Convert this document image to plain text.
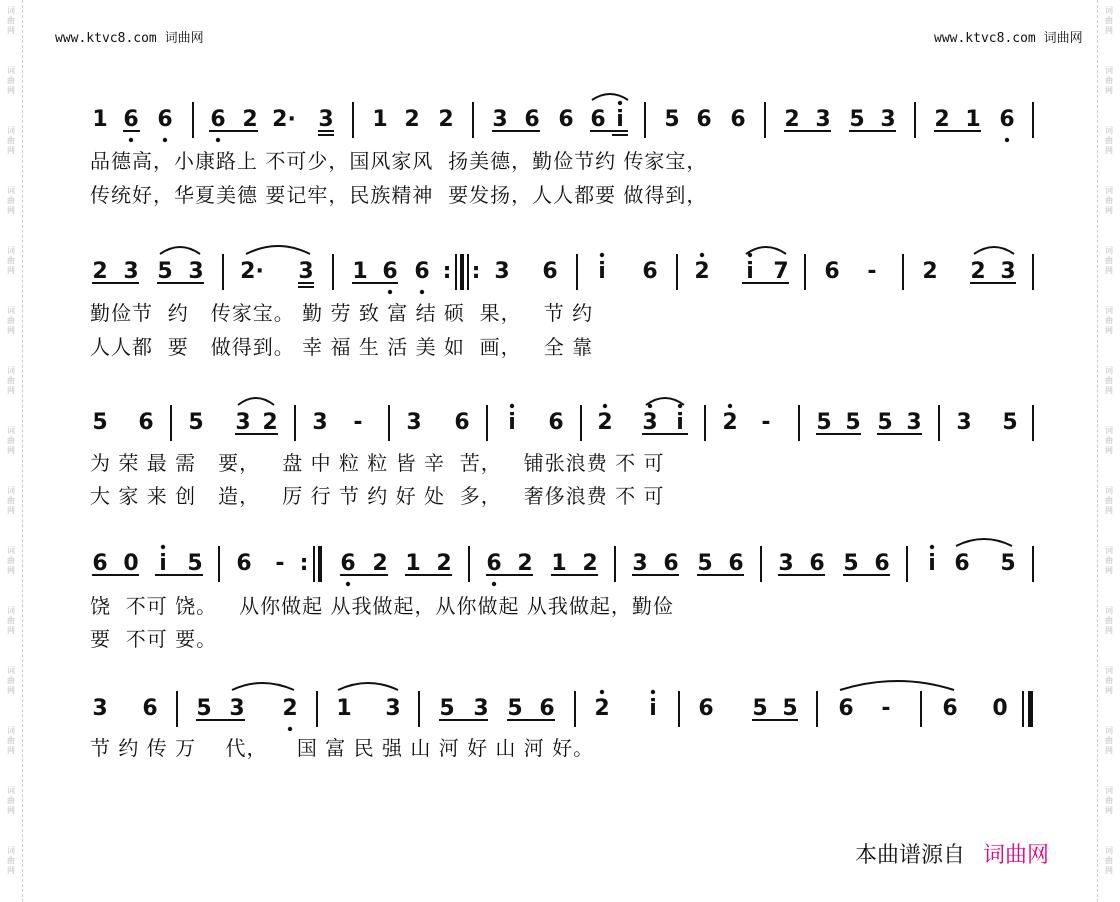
词
曲
网
词
曲
网
词
曲
网
词
曲
网
词
曲
网
词
曲
网
词
曲
网
词
曲
网
词
曲
网
词
曲
网
词
曲
网
词
曲
网
词
曲
网
词
曲
网
词
曲
网
词
曲
网
词
曲
网
词
曲
网
词
曲
网
词
曲
网
词
曲
网
词
曲
网
词
曲
网
词
曲
网
词
曲
网
词
曲
网
词
曲
网
词
曲
网
词
曲
网
词
曲
网
www.ktvc8.com 词曲网	www.ktvc8.com 词曲网
1 6 6 6 2 2· 3 1 2 2 3 6 6 6 i 5 6 6 2 3 5 3 2 1 6
品德高，小康路上 不可少，国风家风  扬美德，勤俭节约 传家宝，
传统好，华夏美德 要记牢，民族精神  要发扬，人人都要 做得到，
2 3 5 3 2· 3 1 6 6 : : 3 6 i 6 2 i 7 6 - 2 2 3
勤俭节  约   传家宝。 勤 劳 致 富 结 硕  果，   节 约
人人都  要   做得到。 幸 福 生 活 美 如  画，   全 靠
5 6 5 3 2 3 - 3 6 i 6 2 3 i 2 - 5 5 5 3 3 5
为 荣 最 需   要，   盘 中 粒 粒 皆 辛  苦，   铺张浪费 不 可
大 家 来 创   造，   厉 行 节 约 好 处  多，   奢侈浪费 不 可
6 0 i 5 6 - : 6 2 1 2 6 2 1 2 3 6 5 6 3 6 5 6 i 6 5
饶  不可 饶。   从你做起 从我做起，从你做起 从我做起，勤俭
要  不可 要。
3 6 5 3 2 1 3 5 3 5 6 2 i 6 5 5 6 - 6 0
节 约 传 万    代，    国 富 民 强 山 河 好 山 河 好。
本曲谱源自 词曲网
